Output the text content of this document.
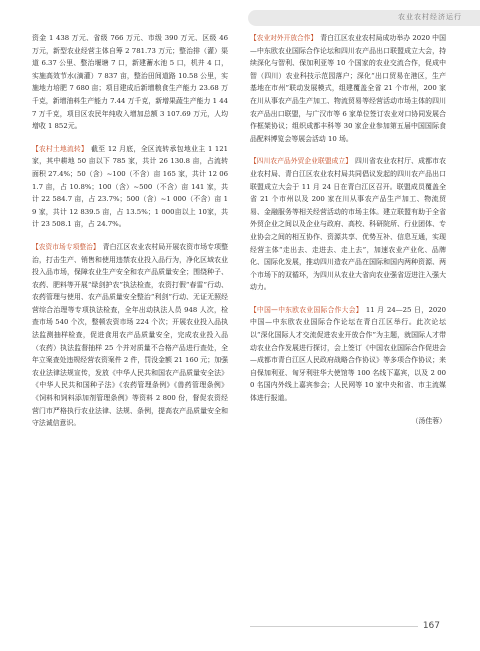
农业农村经济运行

资金 1 438 万元、省级 766 万元、市级 390 万元、区级 46 万元，新型农业经营主体自筹 2 781.73 万元；整治排（灌）渠道 6.37 公里、整治堰塘 7 口，新建蓄水池 5 口，机井 4 口，实施高效节水(滴灌）7 837 亩，整治田间道路 10.58 公里，实施地力培肥 7 680 亩；项目建成后新增粮食生产能力 23.68 万千克，新增油料生产能力 7.44 万千克，新增果蔬生产能力 1 447 万千克，项目区农民年纯收入增加总额 3 107.69 万元，人均增收 1 852元。

【农村土地流转】 截至 12 月底，全区流转承包地业主 1 121 家，其中耕地 50 亩以下 785 家，共计 26 130.8 亩，占流转面积 27.4%；50（含）~100（不含）亩 165 家，共计 12 061.7 亩，占 10.8%；100（含）~500（不含）亩 141 家，共计 22 584.7 亩，占 23.7%；500（含）~1 000（不含）亩 19 家，共计 12 839.5 亩，占 13.5%；1 000亩以上 10家，共计 23 508.1 亩，占 24.7%。

【农资市场专项整治】 青白江区农业农村局开展农资市场专项整治，打击生产、销售和使用违禁农业投入品行为，净化区域农业投入品市场，保障农业生产安全和农产品质量安全；围绕种子、农药、肥料等开展“绿剑护农”执法检查，农资打假“春雷”行动、农药管理与使用、农产品质量安全整治“利剑”行动、无证无照经营综合治理等专项执法检查，全年出动执法人员 948 人次，检查市场 540 个次，整顿农资市场 224 个次；开展农业投入品执法监测抽样检查，促进食用农产品质量安全，完成农业投入品（农药）执法监督抽样 25 个并对质量不合格产品进行查处，全年立案查处违规经营农资案件 2 件，罚没金额 21 160 元；加强农业法律法规宣传，发放《中华人民共和国农产品质量安全法》《中华人民共和国种子法》《农药管理条例》《兽药管理条例》《饲料和饲料添加剂管理条例》等资料 2 800 份，督促农资经营门市严格执行农业法律、法规、条例，提高农产品质量安全和守法诚信意识。

【农业对外开放合作】 青白江区农业农村局成功举办 2020 中国—中东欧农业国际合作论坛和四川农产品出口联盟成立大会，持续深化与智利、保加利亚等 10 个国家的农业交流合作，促成中智（四川）农业科技示范园落户；深化“出口贸易在港区，生产基地在市州”联动发展模式，组建覆盖全省 21 个市州，200 家在川从事农产品生产加工、物流贸易等经营活动市场主体的四川农产品出口联盟，与广汉市等 6 家单位签订农业对口协同发展合作框架协议；组织成都丰科等 30 家企业参加第五届中国国际食品配料博览会等展会活动 10 场。

【四川农产品外贸企业联盟成立】 四川省农业农村厅、成都市农业农村局、青白江区农业农村局共同倡议发起的四川农产品出口联盟成立大会于 11 月 24 日在青白江区召开。联盟成员覆盖全省 21 个市州以及 200 家在川从事农产品生产加工、物流贸易、金融服务等相关经营活动的市场主体。建立联盟有助于全省外贸企业之间以及企业与政府、高校、科研院所、行业团体、专业协会之间的相互协作、资源共享、优势互补、信息互通，实现经营主体“走出去、走进去、走上去”，加速农业产业化、品牌化、国际化发展，推动四川造农产品在国际和国内两种资源、两个市场下的双循环，为四川从农业大省向农业强省迈进注入强大动力。

【中国—中东欧农业国际合作大会】 11 月 24—25 日，2020 中国—中东欧农业国际合作论坛在青白江区举行。此次论坛以“深化国际人才交流促进农业开放合作”为主题，就国际人才带动农业合作发展进行探讨，会上签订《中国农业国际合作促进会—成都市青白江区人民政府战略合作协议》等多项合作协议；来自保加利亚、匈牙利驻华大使馆等 100 名线下嘉宾，以及 2 000 名国内外线上嘉宾参会；人民网等 10 家中央和省、市主流媒体进行报道。

（汤佳蓉）
167
